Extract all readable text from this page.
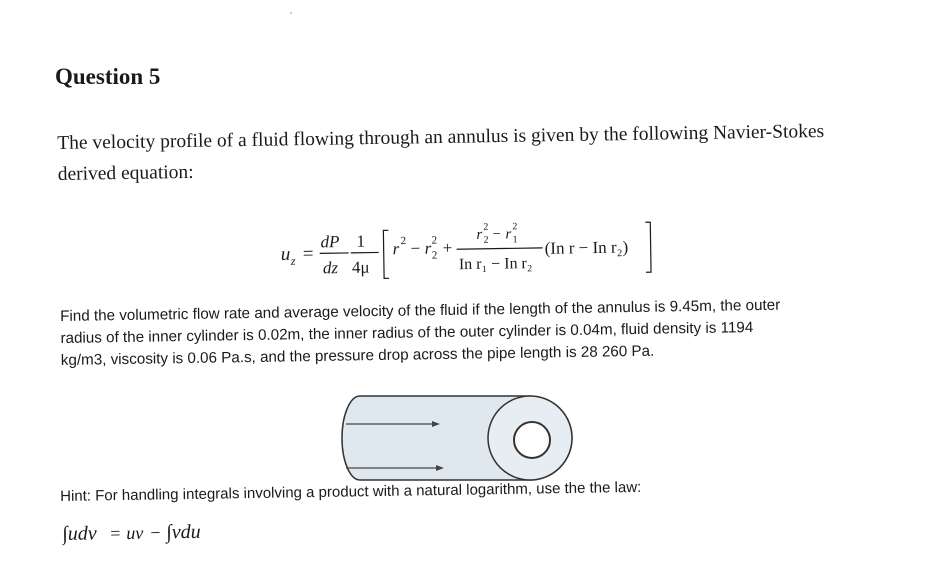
Question 5
The velocity profile of a fluid flowing through an annulus is given by the following Navier-Stokes
derived equation:
u z =
dP
dz
1
4μ
r 2 − r 2
2 +
r 2
2 − r 2
1
In r₁ − In r₂
(In r − In r₂)
Find the volumetric flow rate and average velocity of the fluid if the length of the annulus is 9.45m, the outer
radius of the inner cylinder is 0.02m, the inner radius of the outer cylinder is 0.04m, fluid density is 1194
kg/m3, viscosity is 0.06 Pa.s, and the pressure drop across the pipe length is 28 260 Pa.
Hint: For handling integrals involving a product with a natural logarithm, use the the law:
∫udv = uv − ∫vdu
